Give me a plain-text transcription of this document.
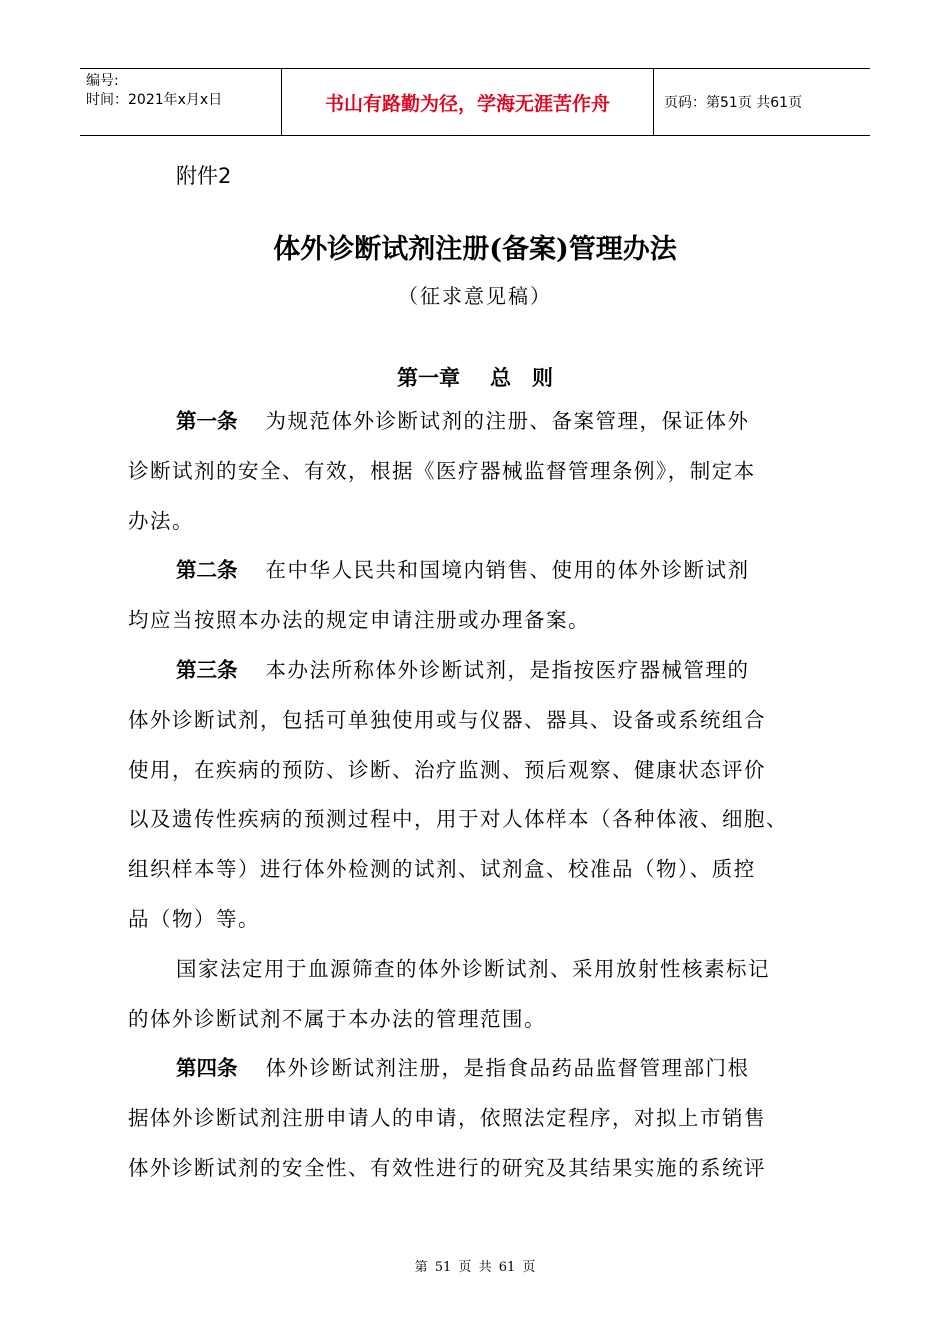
编号:
时间：2021年x月x日	书山有路勤为径，学海无涯苦作舟	页码：第51页 共61页
附件2
体外诊断试剂注册(备案)管理办法
（征求意见稿）
第一章 总　则
第一条 为规范体外诊断试剂的注册、备案管理，保证体外
诊断试剂的安全、有效，根据《医疗器械监督管理条例》，制定本
办法。
第二条 在中华人民共和国境内销售、使用的体外诊断试剂
均应当按照本办法的规定申请注册或办理备案。
第三条 本办法所称体外诊断试剂，是指按医疗器械管理的
体外诊断试剂，包括可单独使用或与仪器、器具、设备或系统组合
使用，在疾病的预防、诊断、治疗监测、预后观察、健康状态评价
以及遗传性疾病的预测过程中，用于对人体样本（各种体液、细胞、
组织样本等）进行体外检测的试剂、试剂盒、校准品（物）、质控
品（物）等。
国家法定用于血源筛查的体外诊断试剂、采用放射性核素标记
的体外诊断试剂不属于本办法的管理范围。
第四条 体外诊断试剂注册，是指食品药品监督管理部门根
据体外诊断试剂注册申请人的申请，依照法定程序，对拟上市销售
体外诊断试剂的安全性、有效性进行的研究及其结果实施的系统评
第 51 页 共 61 页
